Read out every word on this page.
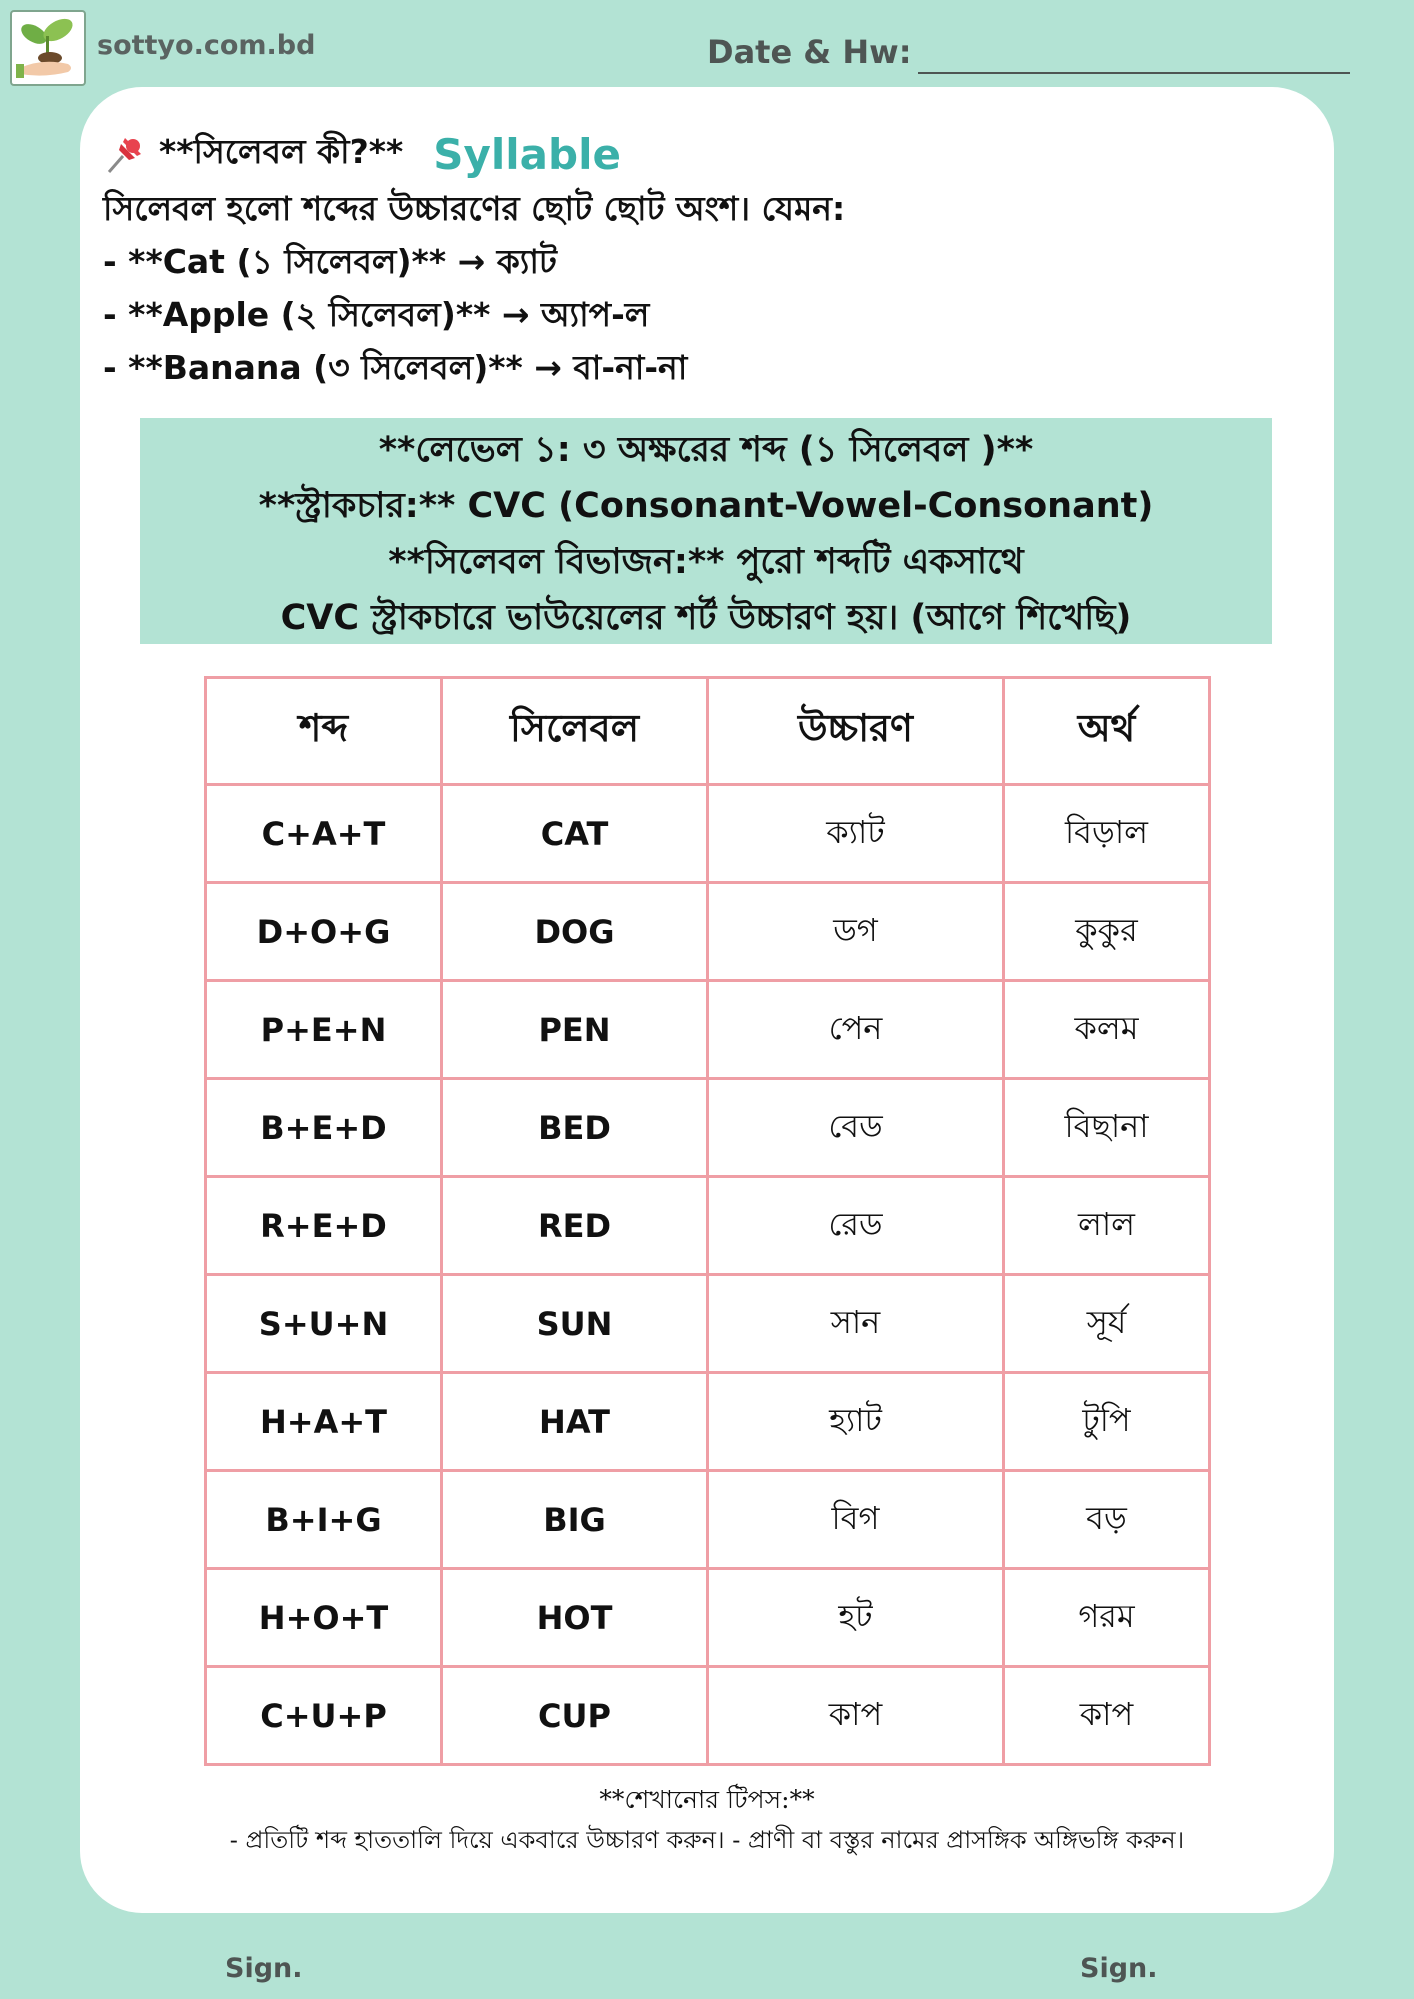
sottyo.com.bd	Date & Hw:
**সিলেবল কী?** Syllable
সিলেবল হলো শব্দের উচ্চারণের ছোট ছোট অংশ। যেমন:
- **Cat (১ সিলেবল)** → ক্যাট
- **Apple (২ সিলেবল)** → অ্যাপ-ল
- **Banana (৩ সিলেবল)** → বা-না-না
**লেভেল ১: ৩ অক্ষরের শব্দ (১ সিলেবল )**
**স্ট্রাকচার:** CVC (Consonant-Vowel-Consonant)
**সিলেবল বিভাজন:** পুরো শব্দটি একসাথে
CVC স্ট্রাকচারে ভাউয়েলের শর্ট উচ্চারণ হয়। (আগে শিখেছি)
শব্দ	সিলেবল	উচ্চারণ	অর্থ
C+A+T	CAT	ক্যাট	বিড়াল
D+O+G	DOG	ডগ	কুকুর
P+E+N	PEN	পেন	কলম
B+E+D	BED	বেড	বিছানা
R+E+D	RED	রেড	লাল
S+U+N	SUN	সান	সূর্য
H+A+T	HAT	হ্যাট	টুপি
B+I+G	BIG	বিগ	বড়
H+O+T	HOT	হট	গরম
C+U+P	CUP	কাপ	কাপ
**শেখানোর টিপস:**
- প্রতিটি শব্দ হাততালি দিয়ে একবারে উচ্চারণ করুন। - প্রাণী বা বস্তুর নামের প্রাসঙ্গিক অঙ্গিভঙ্গি করুন।
Sign.	Sign.
